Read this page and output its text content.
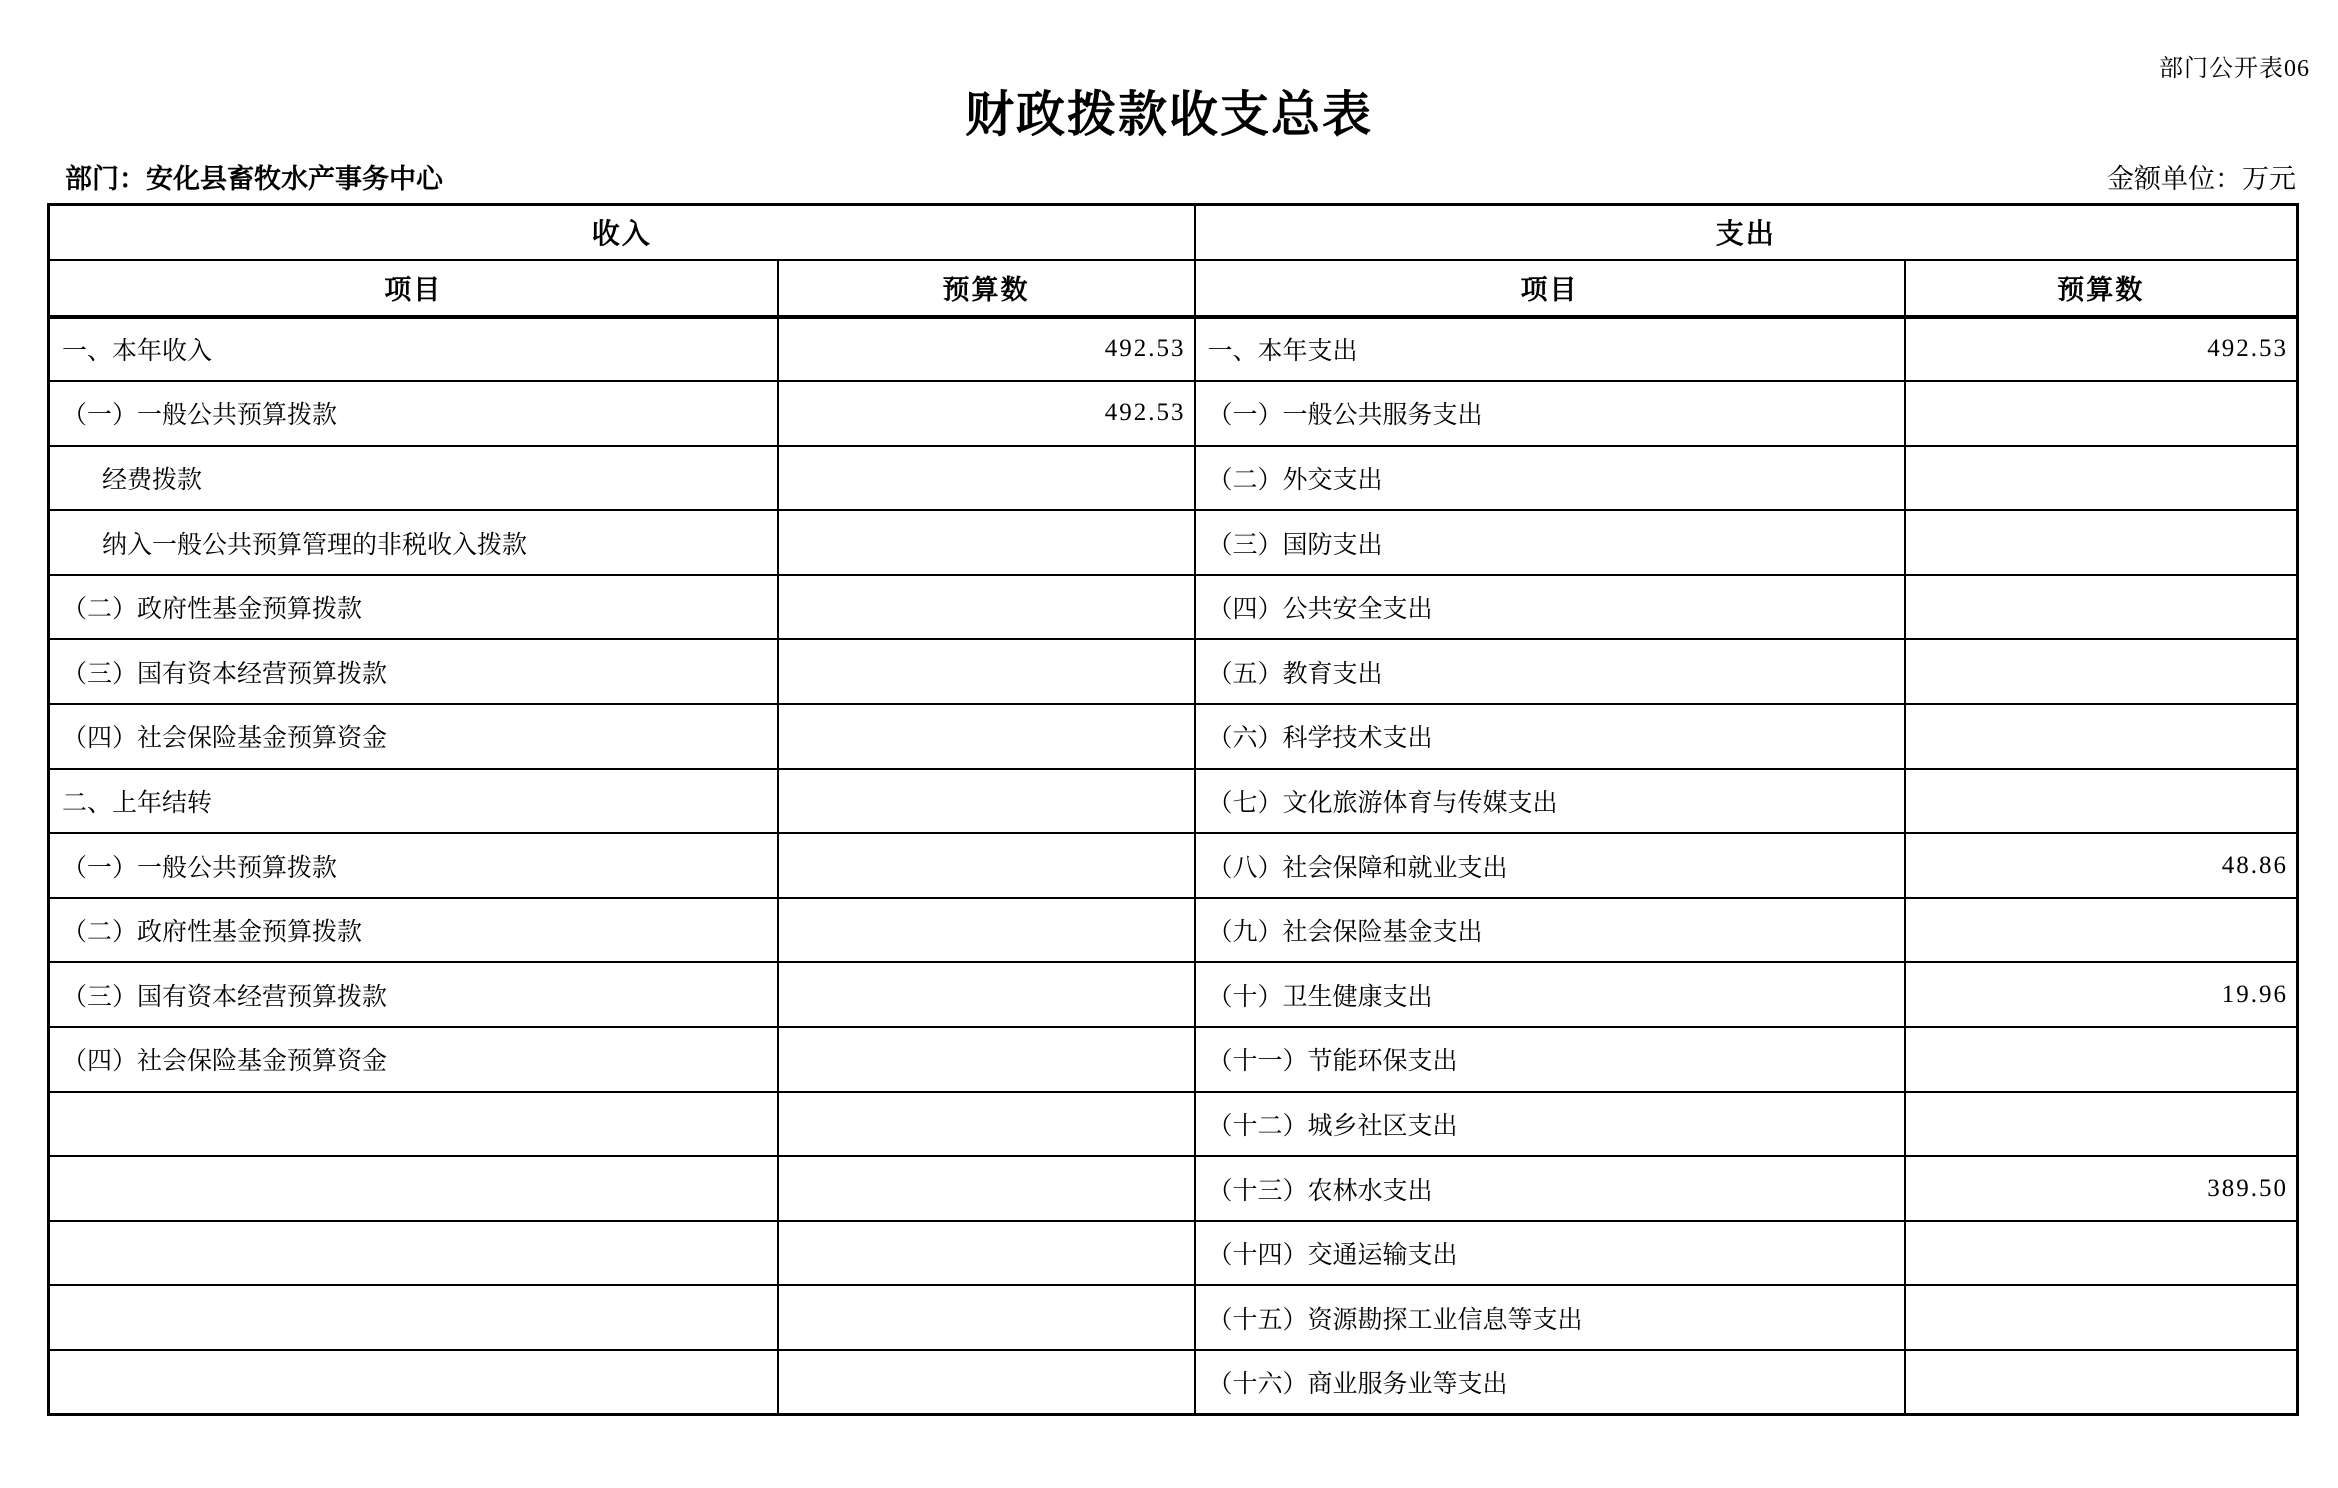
部门公开表06
财政拨款收支总表
部门：安化县畜牧水产事务中心	金额单位：万元
收入		支出	
项目	预算数	项目	预算数
一、本年收入	492.53	一、本年支出	492.53
（一）一般公共预算拨款	492.53	（一）一般公共服务支出	
经费拨款		（二）外交支出	
纳入一般公共预算管理的非税收入拨款		（三）国防支出	
（二）政府性基金预算拨款		（四）公共安全支出	
（三）国有资本经营预算拨款		（五）教育支出	
（四）社会保险基金预算资金		（六）科学技术支出	
二、上年结转		（七）文化旅游体育与传媒支出	
（一）一般公共预算拨款		（八）社会保障和就业支出	48.86
（二）政府性基金预算拨款		（九）社会保险基金支出	
（三）国有资本经营预算拨款		（十）卫生健康支出	19.96
（四）社会保险基金预算资金		（十一）节能环保支出	
		（十二）城乡社区支出	
		（十三）农林水支出	389.50
		（十四）交通运输支出	
		（十五）资源勘探工业信息等支出	
		（十六）商业服务业等支出	
